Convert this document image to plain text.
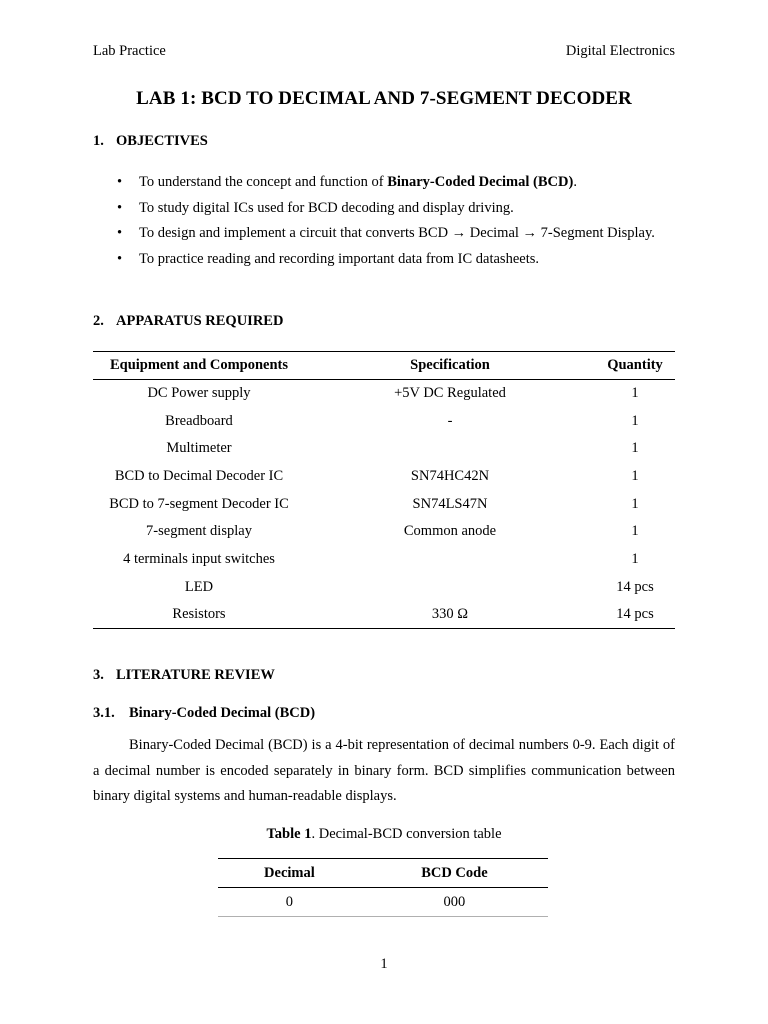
Lab Practice	Digital Electronics
LAB 1: BCD TO DECIMAL AND 7-SEGMENT DECODER
1. OBJECTIVES
• To understand the concept and function of Binary-Coded Decimal (BCD).
• To study digital ICs used for BCD decoding and display driving.
• To design and implement a circuit that converts BCD → Decimal → 7-Segment Display.
• To practice reading and recording important data from IC datasheets.
2. APPARATUS REQUIRED
Equipment and Components	Specification	Quantity
DC Power supply	+5V DC Regulated	1
Breadboard	-	1
Multimeter		1
BCD to Decimal Decoder IC	SN74HC42N	1
BCD to 7-segment Decoder IC	SN74LS47N	1
7-segment display	Common anode	1
4 terminals input switches		1
LED		14 pcs
Resistors	330 Ω	14 pcs
3. LITERATURE REVIEW
3.1. Binary-Coded Decimal (BCD)

Binary-Coded Decimal (BCD) is a 4-bit representation of decimal numbers 0-9. Each digit of a decimal number is encoded separately in binary form. BCD simplifies communication between binary digital systems and human-readable displays.

Table 1. Decimal-BCD conversion table
Decimal	BCD Code
0	000
1
